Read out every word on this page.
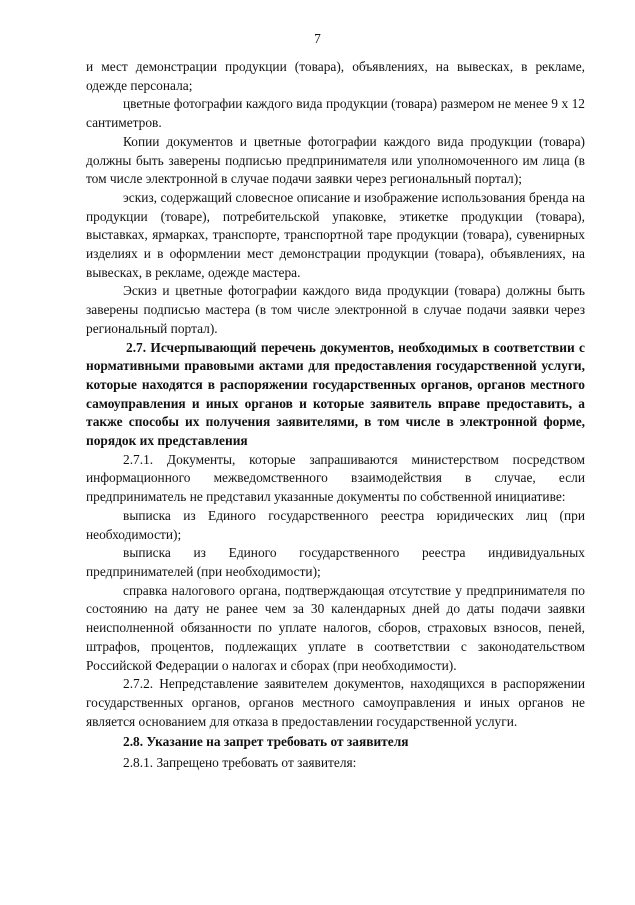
7

и мест демонстрации продукции (товара), объявлениях, на вывесках, в рекламе, одежде персонала;

цветные фотографии каждого вида продукции (товара) размером не менее 9 x 12 сантиметров.

Копии документов и цветные фотографии каждого вида продукции (товара) должны быть заверены подписью предпринимателя или уполномоченного им лица (в том числе электронной в случае подачи заявки через региональный портал);

эскиз, содержащий словесное описание и изображение использования бренда на продукции (товаре), потребительской упаковке, этикетке продукции (товара), выставках, ярмарках, транспорте, транспортной таре продукции (товара), сувенирных изделиях и в оформлении мест демонстрации продукции (товара), объявлениях, на вывесках, в рекламе, одежде мастера.

Эскиз и цветные фотографии каждого вида продукции (товара) должны быть заверены подписью мастера (в том числе электронной в случае подачи заявки через региональный портал).

2.7. Исчерпывающий перечень документов, необходимых в соответствии с нормативными правовыми актами для предоставления государственной услуги, которые находятся в распоряжении государственных органов, органов местного самоуправления и иных органов и которые заявитель вправе предоставить, а также способы их получения заявителями, в том числе в электронной форме, порядок их представления

2.7.1. Документы, которые запрашиваются министерством посредством информационного межведомственного взаимодействия в случае, если предприниматель не представил указанные документы по собственной инициативе:

выписка из Единого государственного реестра юридических лиц (при необходимости);

выписка из Единого государственного реестра индивидуальных предпринимателей (при необходимости);

справка налогового органа, подтверждающая отсутствие у предпринимателя по состоянию на дату не ранее чем за 30 календарных дней до даты подачи заявки неисполненной обязанности по уплате налогов, сборов, страховых взносов, пеней, штрафов, процентов, подлежащих уплате в соответствии с законодательством Российской Федерации о налогах и сборах (при необходимости).

2.7.2. Непредставление заявителем документов, находящихся в распоряжении государственных органов, органов местного самоуправления и иных органов не является основанием для отказа в предоставлении государственной услуги.

2.8. Указание на запрет требовать от заявителя

2.8.1. Запрещено требовать от заявителя:
